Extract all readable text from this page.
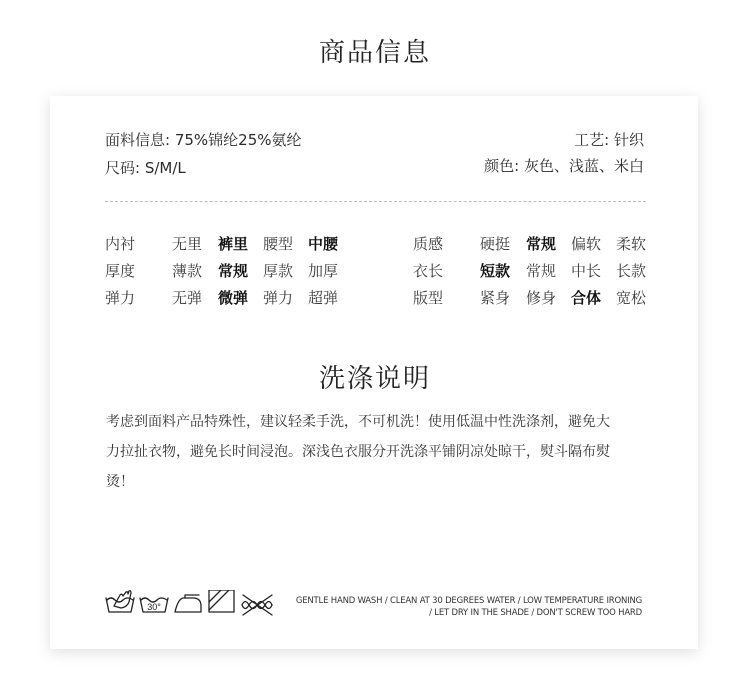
商品信息
面料信息: 75%锦纶25%氨纶
尺码: S/M/L
工艺: 针织
颜色: 灰色、浅蓝、米白
内衬 无里 裤里 腰型 中腰
厚度 薄款 常规 厚款 加厚
弹力 无弹 微弹 弹力 超弹
质感 硬挺 常规 偏软 柔软
衣长 短款 常规 中长 长款
版型 紧身 修身 合体 宽松
考虑到面料产品特殊性，建议轻柔手洗，不可机洗！使用低温中性洗涤剂，避免大
力拉扯衣物，避免长时间浸泡。深浅色衣服分开洗涤平铺阴凉处晾干，熨斗隔布熨
烫！
30°
GENTLE HAND WASH / CLEAN AT 30 DEGREES WATER / LOW TEMPERATURE IRONING
/ LET DRY IN THE SHADE / DON'T SCREW TOO HARD
洗涤说明
